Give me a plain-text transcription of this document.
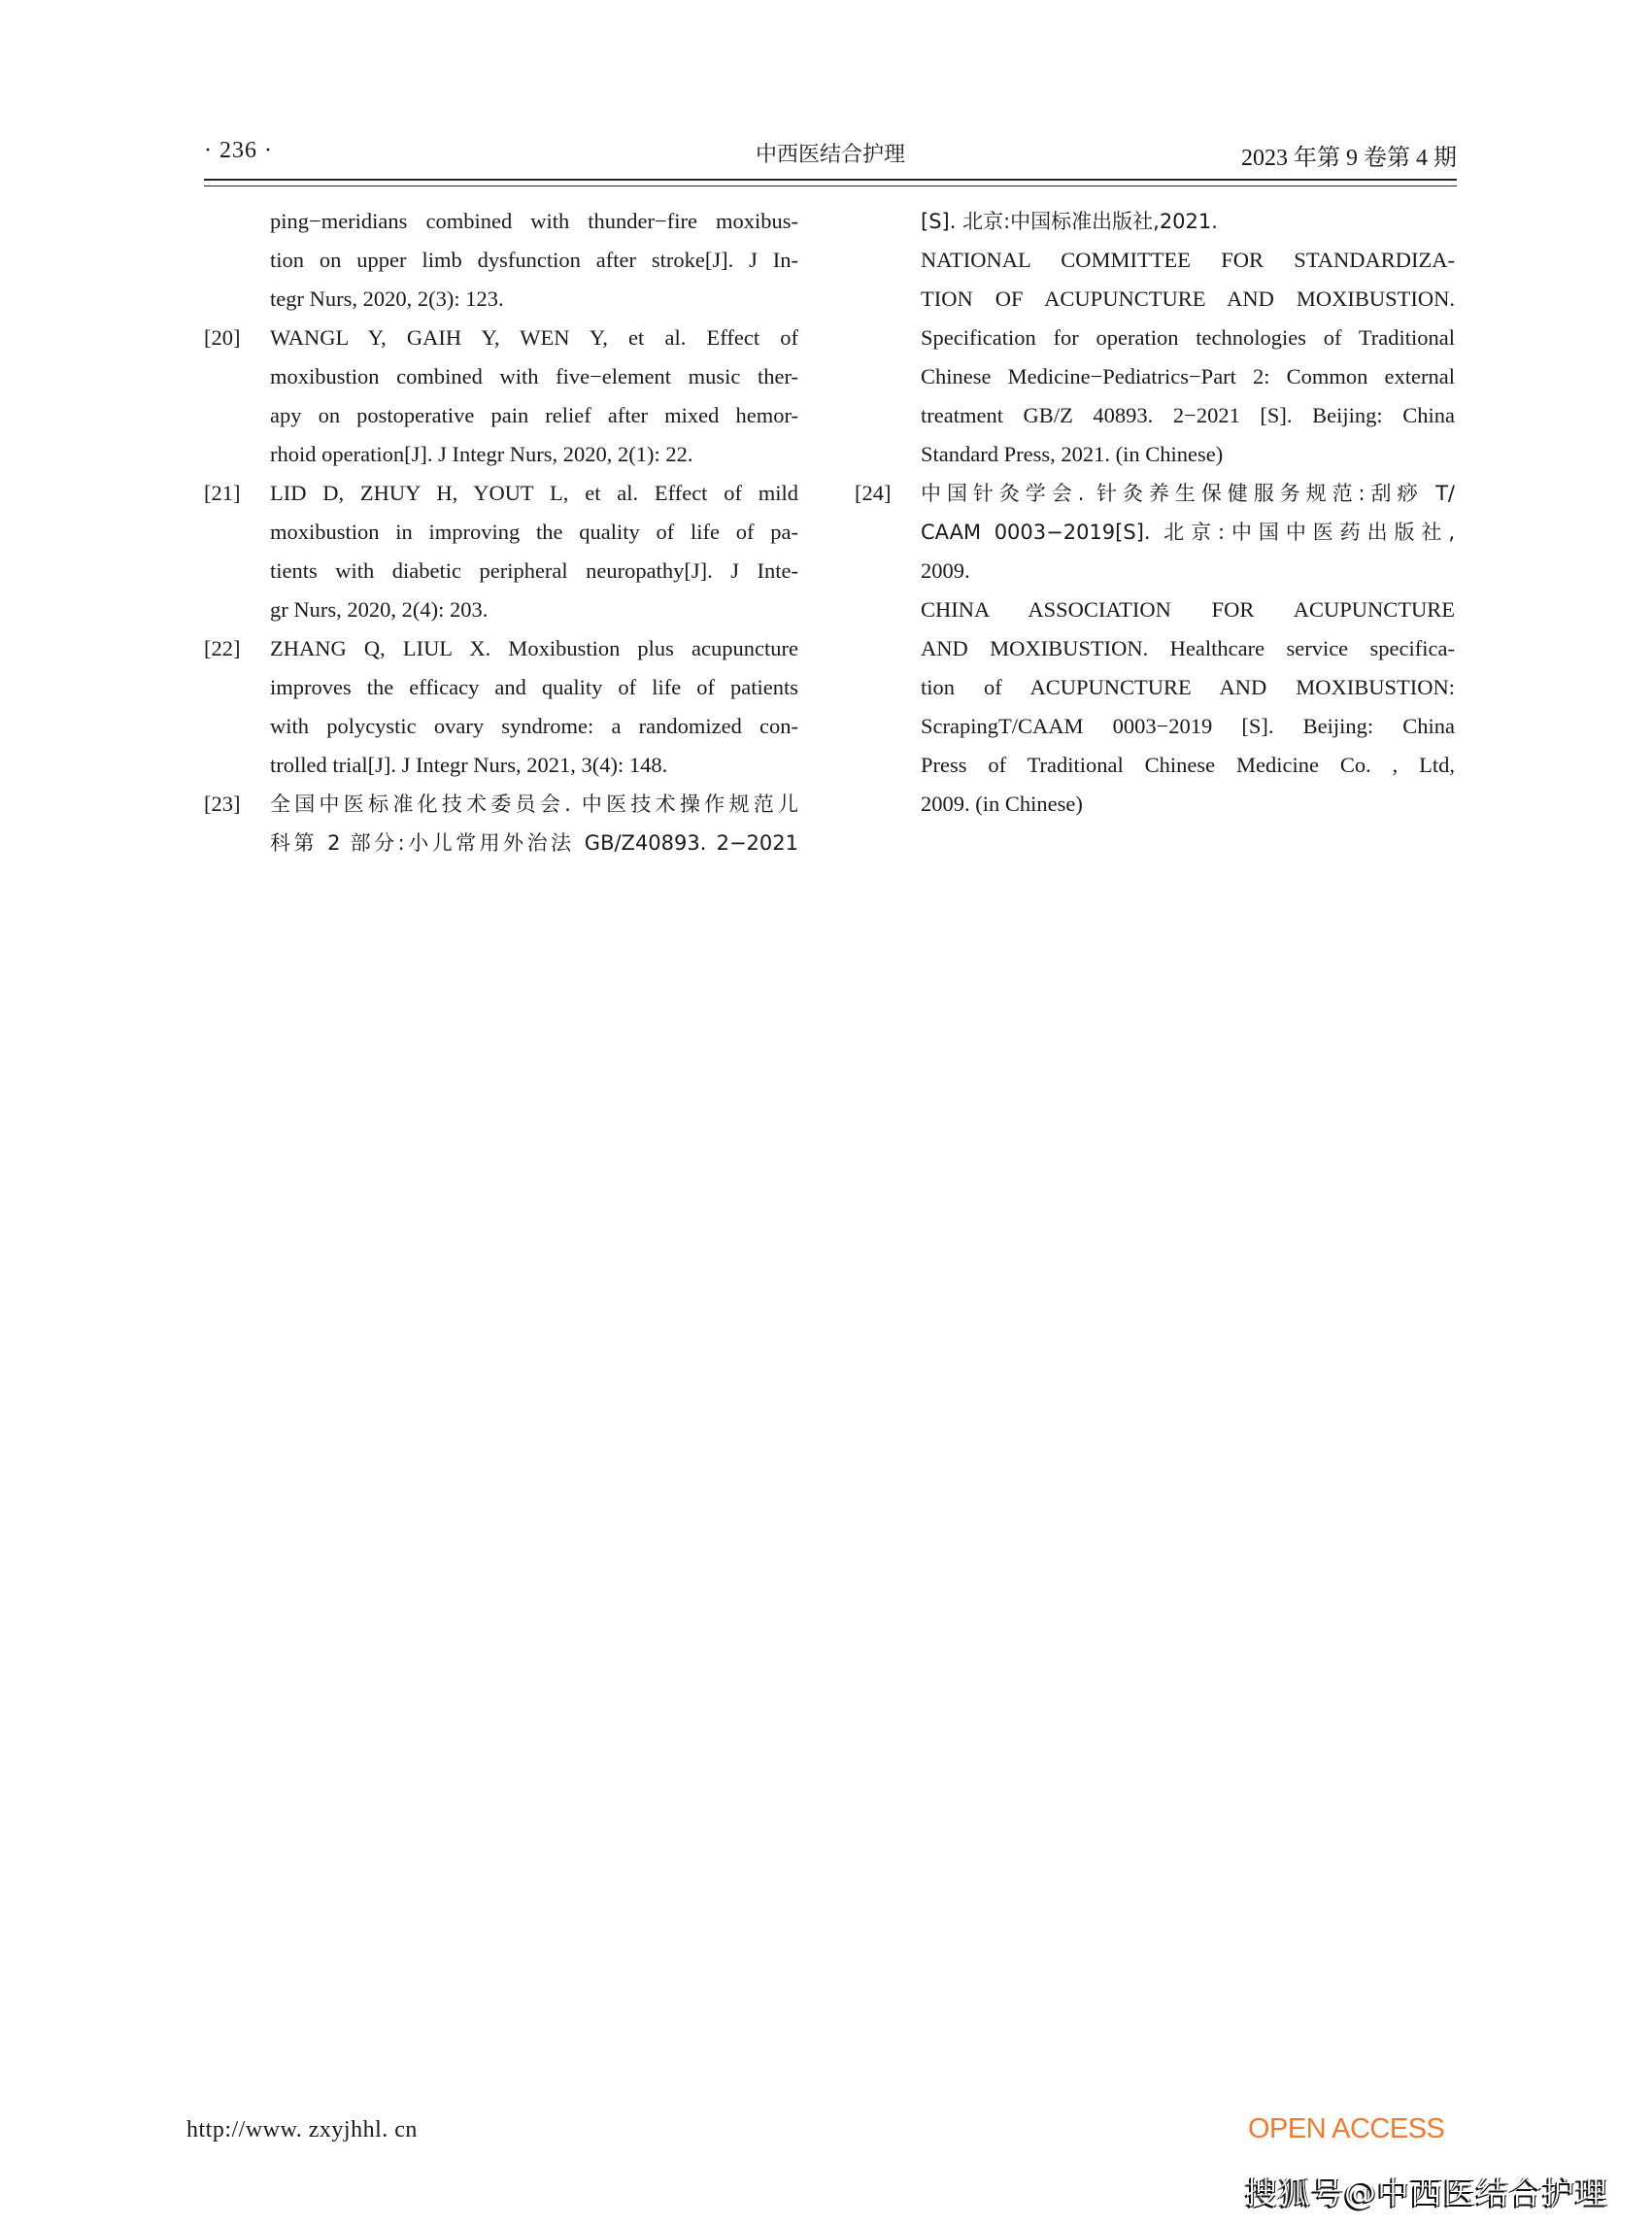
· 236 ·	中西医结合护理	2023 年第 9 卷第 4 期
ping−meridians combined with thunder−fire moxibus-
tion on upper limb dysfunction after stroke[J]. J In-
tegr Nurs, 2020, 2(3): 123.
[20] WANGL Y, GAIH Y, WEN Y, et al. Effect of
moxibustion combined with five−element music ther-
apy on postoperative pain relief after mixed hemor-
rhoid operation[J]. J Integr Nurs, 2020, 2(1): 22.
[21] LID D, ZHUY H, YOUT L, et al. Effect of mild
moxibustion in improving the quality of life of pa-
tients with diabetic peripheral neuropathy[J]. J Inte-
gr Nurs, 2020, 2(4): 203.
[22] ZHANG Q, LIUL X. Moxibustion plus acupuncture
improves the efficacy and quality of life of patients
with polycystic ovary syndrome: a randomized con-
trolled trial[J]. J Integr Nurs, 2021, 3(4): 148.
[23] 全国中医标准化技术委员会. 中医技术操作规范儿
科第 2 部分:小儿常用外治法 GB/Z40893. 2−2021
[S]. 北京:中国标准出版社,2021.
NATIONAL COMMITTEE FOR STANDARDIZA-
TION OF ACUPUNCTURE AND MOXIBUSTION.
Specification for operation technologies of Traditional
Chinese Medicine−Pediatrics−Part 2: Common external
treatment GB/Z 40893. 2−2021 [S]. Beijing: China
Standard Press, 2021. (in Chinese)
[24] 中国针灸学会. 针灸养生保健服务规范:刮痧 T/
CAAM 0003−2019[S]. 北京:中国中医药出版社,
2009.
CHINA ASSOCIATION FOR ACUPUNCTURE
AND MOXIBUSTION. Healthcare service specifica-
tion of ACUPUNCTURE AND MOXIBUSTION:
ScrapingT/CAAM 0003−2019 [S]. Beijing: China
Press of Traditional Chinese Medicine Co. , Ltd,
2009. (in Chinese)
http://www. zxyjhhl. cn	OPEN ACCESS
搜狐号@中西医结合护理
